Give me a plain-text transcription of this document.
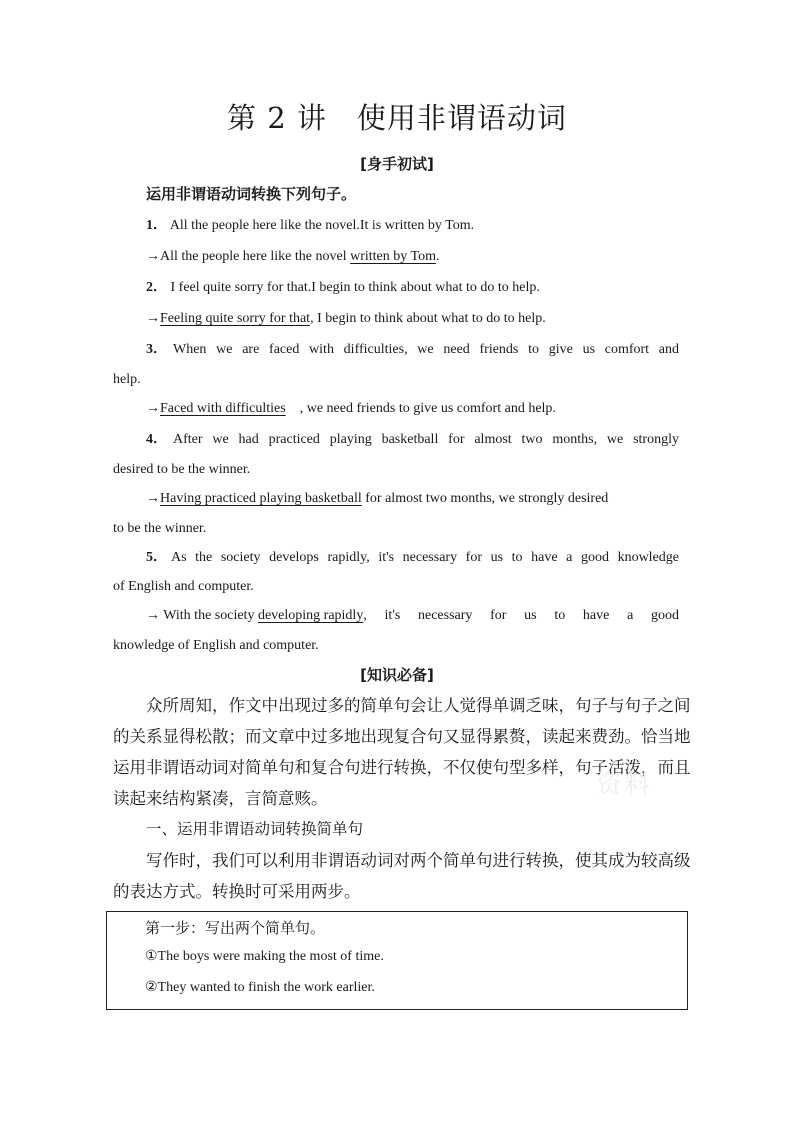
第 2 讲　使用非谓语动词
[身手初试]
运用非谓语动词转换下列句子。
1． All the people here like the novel.It is written by Tom.
→All the people here like the novel written by Tom.
2． I feel quite sorry for that.I begin to think about what to do to help.
→Feeling quite sorry for that, I begin to think about what to do to help.
3． When we are faced with difficulties, we need friends to give us comfort and
help.
→Faced with difficulties , we need friends to give us comfort and help.
4． After we had practiced playing basketball for almost two months, we strongly
desired to be the winner.
→Having practiced playing basketball for almost two months, we strongly desired
to be the winner.
5． As the society develops rapidly, it's necessary for us to have a good knowledge
of English and computer.
→ With the society developing rapidly , it's necessary for us to have a good
knowledge of English and computer.
[知识必备]
众所周知，作文中出现过多的简单句会让人觉得单调乏味，句子与句子之间
的关系显得松散；而文章中过多地出现复合句又显得累赘，读起来费劲。恰当地
运用非谓语动词对简单句和复合句进行转换，不仅使句型多样，句子活泼，而且
读起来结构紧凑，言简意赅。	资料
一、运用非谓语动词转换简单句
写作时，我们可以利用非谓语动词对两个简单句进行转换，使其成为较高级
的表达方式。转换时可采用两步。
第一步：写出两个简单句。
①The boys were making the most of time.
②They wanted to finish the work earlier.
